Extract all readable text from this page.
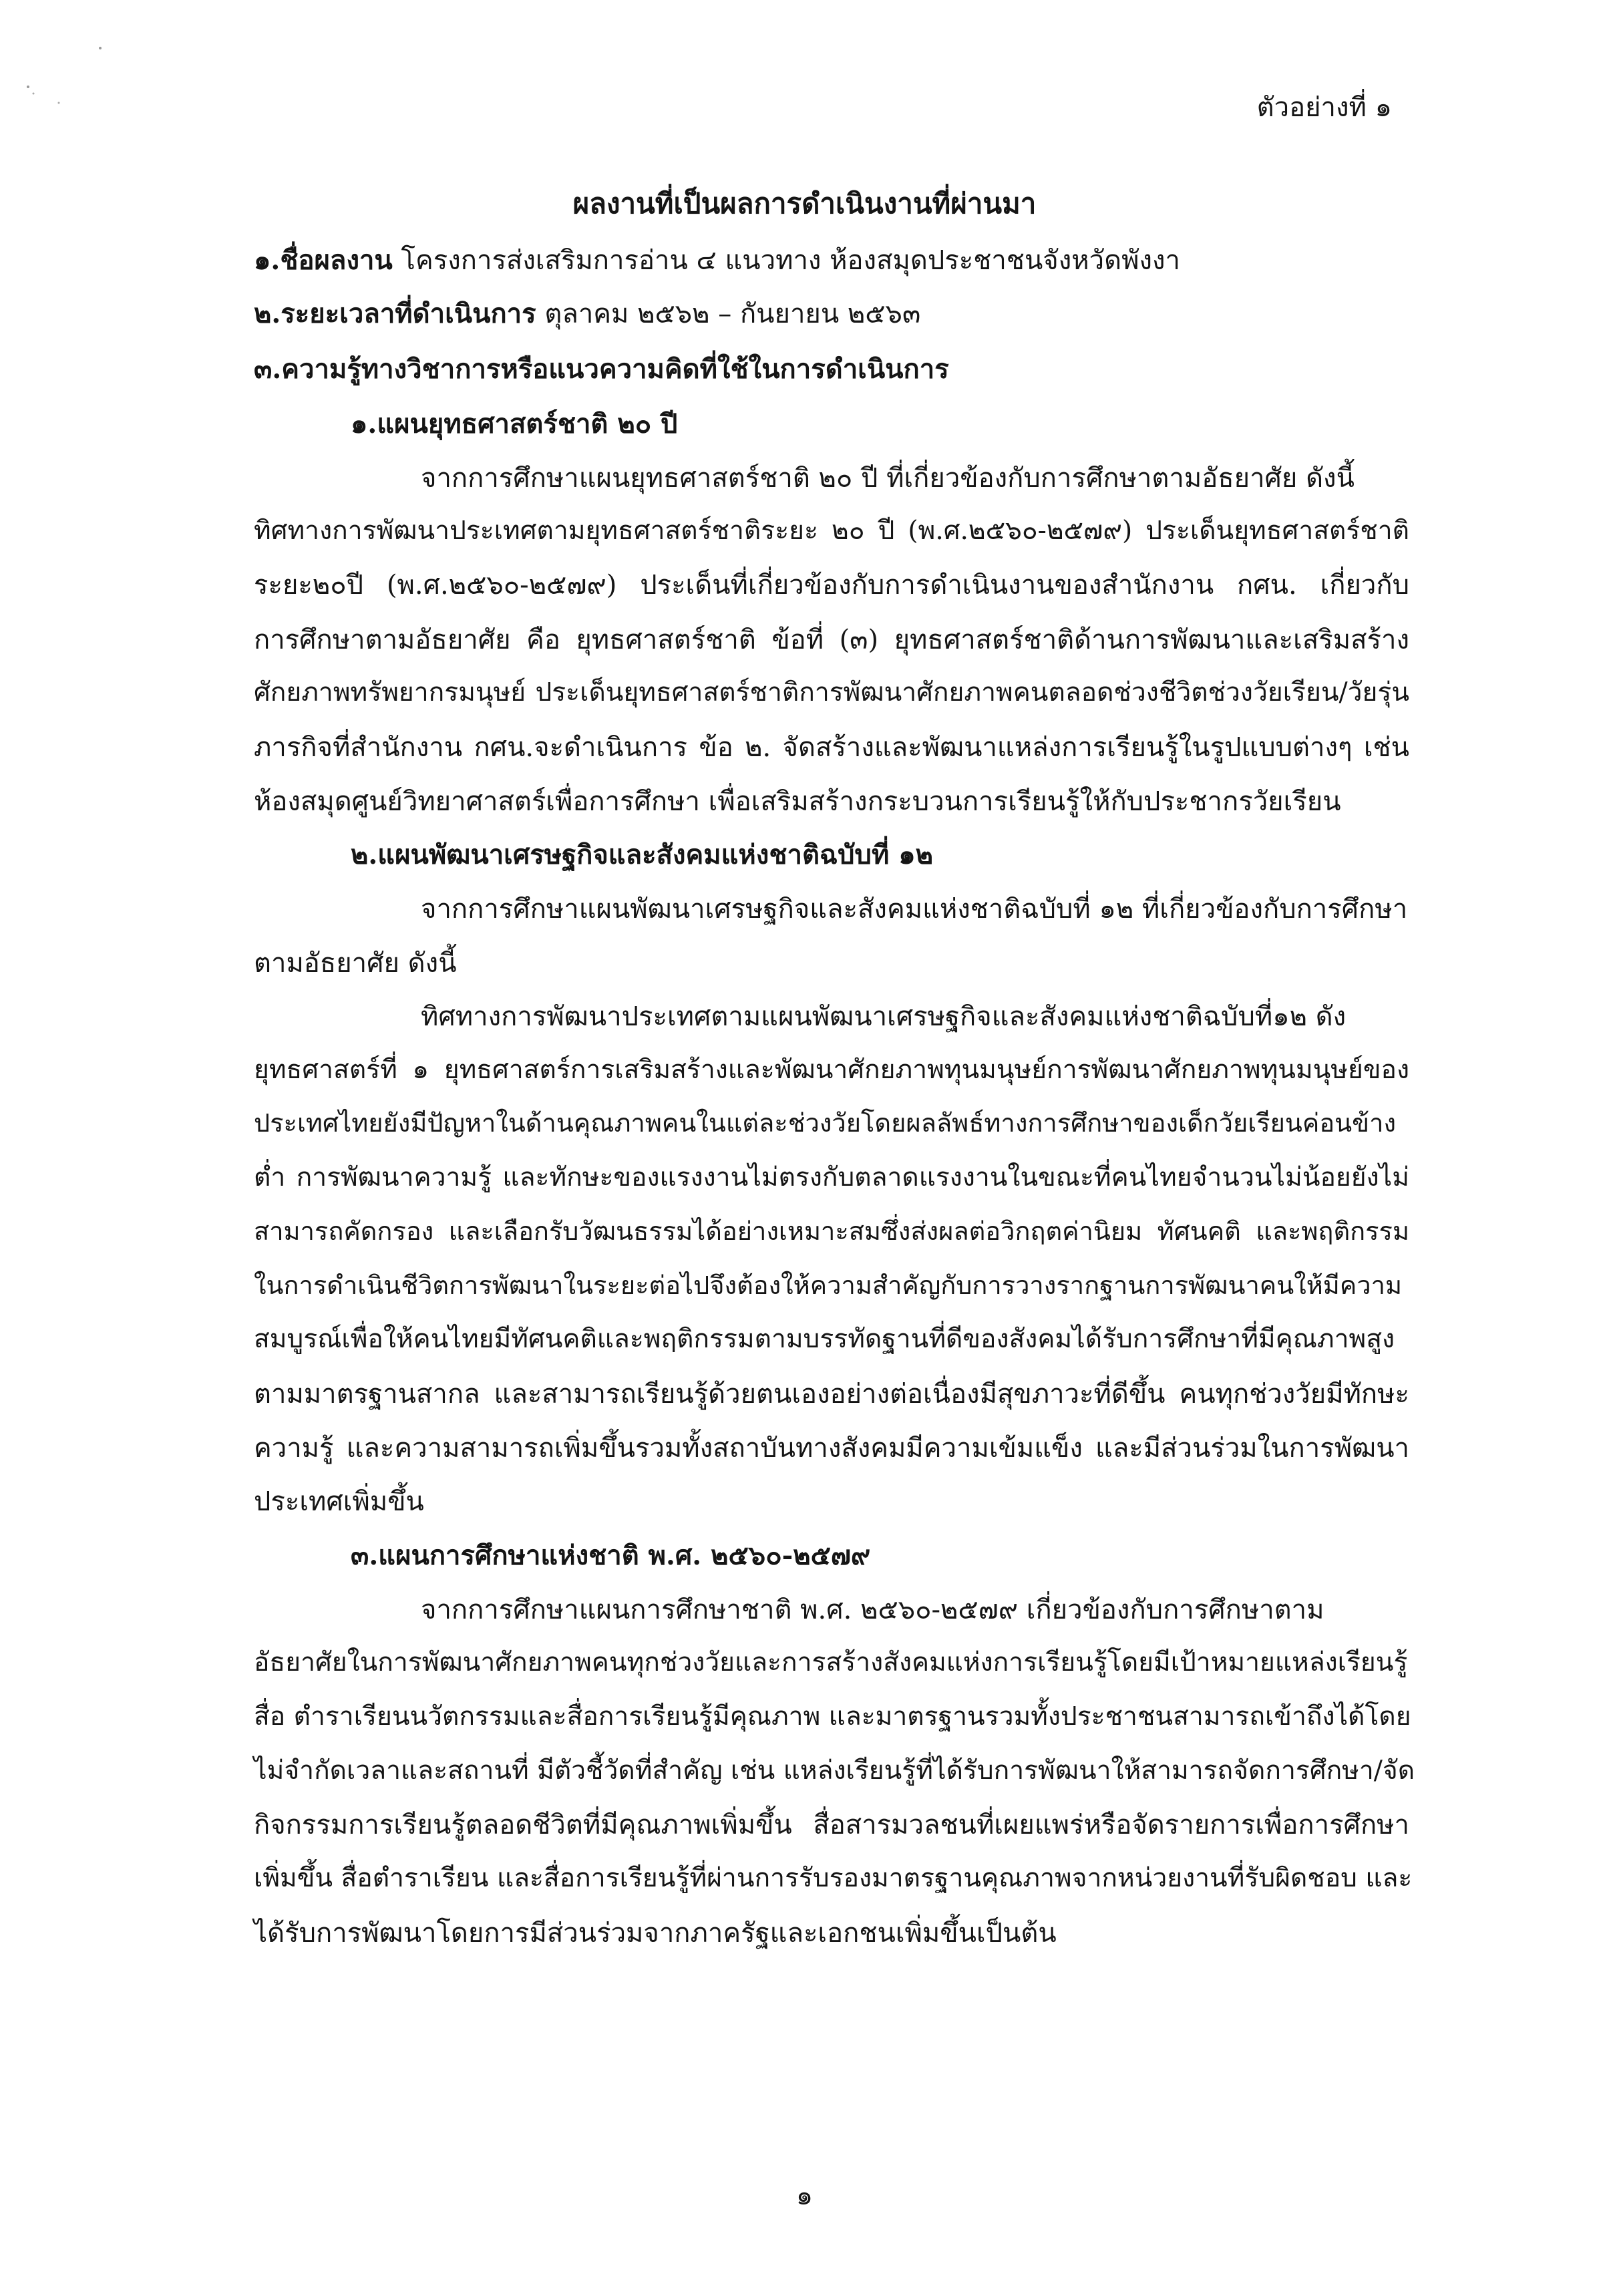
ตัวอย่างที่ ๑
ผลงานที่เป็นผลการดำเนินงานที่ผ่านมา
๑.ชื่อผลงาน โครงการส่งเสริมการอ่าน ๔ แนวทาง ห้องสมุดประชาชนจังหวัดพังงา
๒.ระยะเวลาที่ดำเนินการ ตุลาคม ๒๕๖๒ – กันยายน ๒๕๖๓
๓.ความรู้ทางวิชาการหรือแนวความคิดที่ใช้ในการดำเนินการ
๑.แผนยุทธศาสตร์ชาติ ๒๐ ปี
จากการศึกษาแผนยุทธศาสตร์ชาติ ๒๐ ปี ที่เกี่ยวข้องกับการศึกษาตามอัธยาศัย ดังนี้
ทิศทางการพัฒนาประเทศตามยุทธศาสตร์ชาติระยะ ๒๐ ปี (พ.ศ.๒๕๖๐-๒๕๗๙) ประเด็นยุทธศาสตร์ชาติ
ระยะ๒๐ปี (พ.ศ.๒๕๖๐-๒๕๗๙) ประเด็นที่เกี่ยวข้องกับการดำเนินงานของสำนักงาน กศน. เกี่ยวกับ
การศึกษาตามอัธยาศัย คือ ยุทธศาสตร์ชาติ ข้อที่ (๓) ยุทธศาสตร์ชาติด้านการพัฒนาและเสริมสร้าง
ศักยภาพทรัพยากรมนุษย์ ประเด็นยุทธศาสตร์ชาติการพัฒนาศักยภาพคนตลอดช่วงชีวิตช่วงวัยเรียน/วัยรุ่น
ภารกิจที่สำนักงาน กศน.จะดำเนินการ ข้อ ๒. จัดสร้างและพัฒนาแหล่งการเรียนรู้ในรูปแบบต่างๆ เช่น
ห้องสมุดศูนย์วิทยาศาสตร์เพื่อการศึกษา เพื่อเสริมสร้างกระบวนการเรียนรู้ให้กับประชากรวัยเรียน
๒.แผนพัฒนาเศรษฐกิจและสังคมแห่งชาติฉบับที่ ๑๒
จากการศึกษาแผนพัฒนาเศรษฐกิจและสังคมแห่งชาติฉบับที่ ๑๒ ที่เกี่ยวข้องกับการศึกษา
ตามอัธยาศัย ดังนี้
ทิศทางการพัฒนาประเทศตามแผนพัฒนาเศรษฐกิจและสังคมแห่งชาติฉบับที่๑๒ ดัง
ยุทธศาสตร์ที่ ๑ ยุทธศาสตร์การเสริมสร้างและพัฒนาศักยภาพทุนมนุษย์การพัฒนาศักยภาพทุนมนุษย์ของ
ประเทศไทยยังมีปัญหาในด้านคุณภาพคนในแต่ละช่วงวัยโดยผลลัพธ์ทางการศึกษาของเด็กวัยเรียนค่อนข้าง
ต่ำ การพัฒนาความรู้ และทักษะของแรงงานไม่ตรงกับตลาดแรงงานในขณะที่คนไทยจำนวนไม่น้อยยังไม่
สามารถคัดกรอง และเลือกรับวัฒนธรรมได้อย่างเหมาะสมซึ่งส่งผลต่อวิกฤตค่านิยม ทัศนคติ และพฤติกรรม
ในการดำเนินชีวิตการพัฒนาในระยะต่อไปจึงต้องให้ความสำคัญกับการวางรากฐานการพัฒนาคนให้มีความ
สมบูรณ์เพื่อให้คนไทยมีทัศนคติและพฤติกรรมตามบรรทัดฐานที่ดีของสังคมได้รับการศึกษาที่มีคุณภาพสูง
ตามมาตรฐานสากล และสามารถเรียนรู้ด้วยตนเองอย่างต่อเนื่องมีสุขภาวะที่ดีขึ้น คนทุกช่วงวัยมีทักษะ
ความรู้ และความสามารถเพิ่มขึ้นรวมทั้งสถาบันทางสังคมมีความเข้มแข็ง และมีส่วนร่วมในการพัฒนา
ประเทศเพิ่มขึ้น
๓.แผนการศึกษาแห่งชาติ พ.ศ. ๒๕๖๐-๒๕๗๙
จากการศึกษาแผนการศึกษาชาติ พ.ศ. ๒๕๖๐-๒๕๗๙ เกี่ยวข้องกับการศึกษาตาม
อัธยาศัยในการพัฒนาศักยภาพคนทุกช่วงวัยและการสร้างสังคมแห่งการเรียนรู้โดยมีเป้าหมายแหล่งเรียนรู้
สื่อ ตำราเรียนนวัตกรรมและสื่อการเรียนรู้มีคุณภาพ และมาตรฐานรวมทั้งประชาชนสามารถเข้าถึงได้โดย
ไม่จำกัดเวลาและสถานที่ มีตัวชี้วัดที่สำคัญ เช่น แหล่งเรียนรู้ที่ได้รับการพัฒนาให้สามารถจัดการศึกษา/จัด
กิจกรรมการเรียนรู้ตลอดชีวิตที่มีคุณภาพเพิ่มขึ้น สื่อสารมวลชนที่เผยแพร่หรือจัดรายการเพื่อการศึกษา
เพิ่มขึ้น สื่อตำราเรียน และสื่อการเรียนรู้ที่ผ่านการรับรองมาตรฐานคุณภาพจากหน่วยงานที่รับผิดชอบ และ
ได้รับการพัฒนาโดยการมีส่วนร่วมจากภาครัฐและเอกชนเพิ่มขึ้นเป็นต้น
๑
